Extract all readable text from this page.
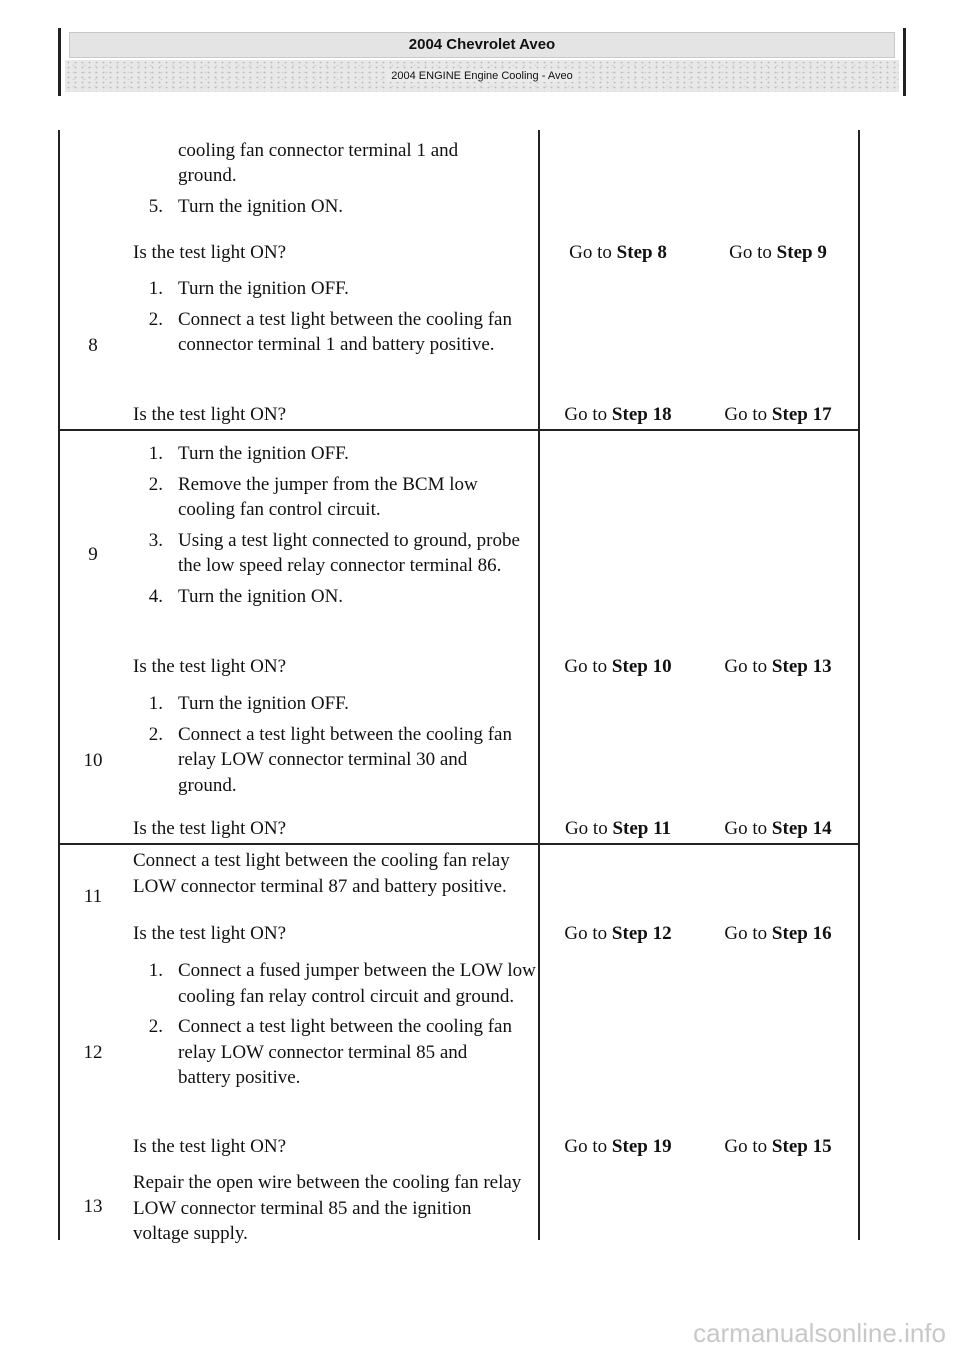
2004 Chevrolet Aveo
2004 ENGINE Engine Cooling - Aveo
cooling fan connector terminal 1 and
ground.
5. Turn the ignition ON.
Is the test light ON?	Go to Step 8	Go to Step 9
8
1. Turn the ignition OFF.
2. Connect a test light between the cooling fan connector terminal 1 and battery positive.
Is the test light ON?	Go to Step 18	Go to Step 17
9
1. Turn the ignition OFF.
2. Remove the jumper from the BCM low cooling fan control circuit.
3. Using a test light connected to ground, probe the low speed relay connector terminal 86.
4. Turn the ignition ON.
Is the test light ON?	Go to Step 10	Go to Step 13
10
1. Turn the ignition OFF.
2. Connect a test light between the cooling fan relay LOW connector terminal 30 and ground.
Is the test light ON?	Go to Step 11	Go to Step 14
11
Connect a test light between the cooling fan relay LOW connector terminal 87 and battery positive.
Is the test light ON?	Go to Step 12	Go to Step 16
12
1. Connect a fused jumper between the LOW low cooling fan relay control circuit and ground.
2. Connect a test light between the cooling fan relay LOW connector terminal 85 and battery positive.
Is the test light ON?	Go to Step 19	Go to Step 15
13
Repair the open wire between the cooling fan relay LOW connector terminal 85 and the ignition voltage supply.
carmanualsonline.info
